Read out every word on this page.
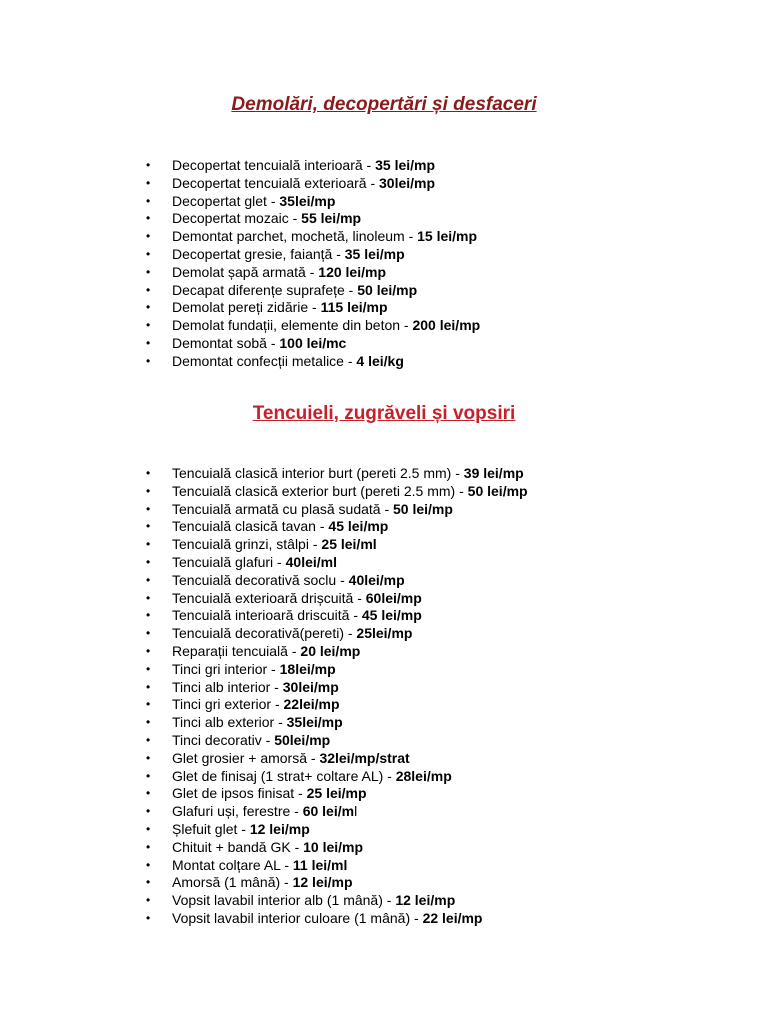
Demolări, decopertări și desfaceri
• Decopertat tencuială interioară - 35 lei/mp
• Decopertat tencuială exterioară - 30lei/mp
• Decopertat glet - 35lei/mp
• Decopertat mozaic - 55 lei/mp
• Demontat parchet, mochetă, linoleum - 15 lei/mp
• Decopertat gresie, faianță - 35 lei/mp
• Demolat șapă armată - 120 lei/mp
• Decapat diferențe suprafețe - 50 lei/mp
• Demolat pereți zidărie - 115 lei/mp
• Demolat fundații, elemente din beton - 200 lei/mp
• Demontat sobă - 100 lei/mc
• Demontat confecții metalice - 4 lei/kg
Tencuieli, zugrăveli și vopsiri
• Tencuială clasică interior burt (pereti 2.5 mm) - 39 lei/mp
• Tencuială clasică exterior burt (pereti 2.5 mm) - 50 lei/mp
• Tencuială armată cu plasă sudată - 50 lei/mp
• Tencuială clasică tavan - 45 lei/mp
• Tencuială grinzi, stâlpi - 25 lei/ml
• Tencuială glafuri - 40lei/ml
• Tencuială decorativă soclu - 40lei/mp
• Tencuială exterioară drișcuită - 60lei/mp
• Tencuială interioară driscuită - 45 lei/mp
• Tencuială decorativă(pereti) - 25lei/mp
• Reparații tencuială - 20 lei/mp
• Tinci gri interior - 18lei/mp
• Tinci alb interior - 30lei/mp
• Tinci gri exterior - 22lei/mp
• Tinci alb exterior - 35lei/mp
• Tinci decorativ - 50lei/mp
• Glet grosier + amorsă - 32lei/mp/strat
• Glet de finisaj (1 strat+ coltare AL) - 28lei/mp
• Glet de ipsos finisat - 25 lei/mp
• Glafuri uși, ferestre - 60 lei/ml
• Șlefuit glet - 12 lei/mp
• Chituit + bandă GK - 10 lei/mp
• Montat colțare AL - 11 lei/ml
• Amorsă (1 mână) - 12 lei/mp
• Vopsit lavabil interior alb (1 mână) - 12 lei/mp
• Vopsit lavabil interior culoare (1 mână) - 22 lei/mp
